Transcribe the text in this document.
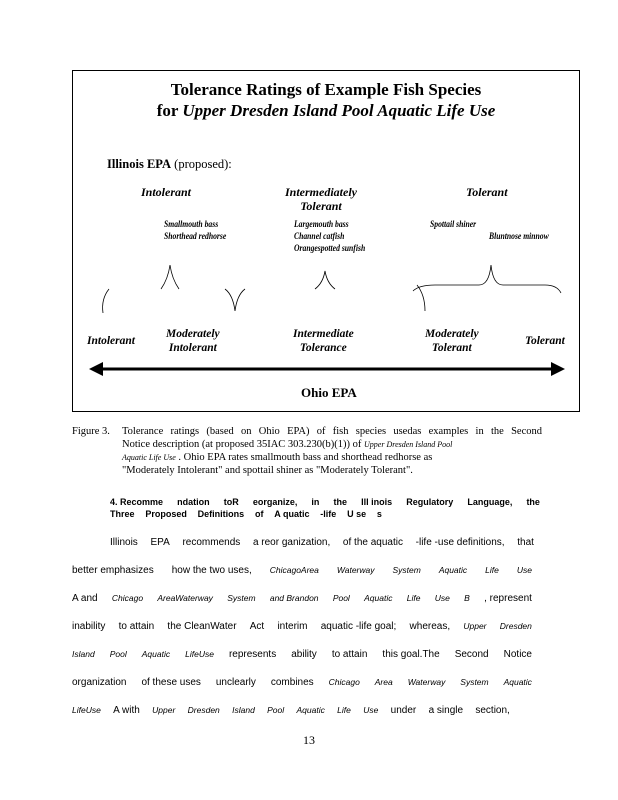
Tolerance Ratings of Example Fish Species
for Upper Dresden Island Pool Aquatic Life Use
Illinois EPA (proposed):
Intolerant	Intermediately
Tolerant
Tolerant
Smallmouth bass
Shorthead redhorse
Largemouth bass
Channel catfish
Orangespotted sunfish
Spottail shiner
Bluntnose minnow
Intolerant
Moderately
Intolerant
Intermediate
Tolerance
Moderately
Tolerant
Tolerant
Ohio EPA
Figure 3.	Tolerance ratings (based on Ohio EPA) of fish species usedas examples in the Second
Notice description (at proposed 35IAC 303.230(b)(1)) of
Upper Dresden Island Pool
Aquatic Life Use
. Ohio EPA rates smallmouth bass and shorthead redhorse as
"Moderately Intolerant" and spottail shiner as "Moderately Tolerant".
4. Recomme ndation toR eorganize, in the Ill inois Regulatory Language, the
Three Proposed Definitions of A quatic -life U se s
Illinois EPA recommends a reor ganization, of the aquatic -life -use definitions, that
better emphasizes how the two uses, ChicagoArea Waterway System Aquatic Life Use
A and Chicago AreaWaterway System and Brandon Pool Aquatic Life Use B , represent
inability to attain the CleanWater Act interim aquatic -life goal; whereas, Upper Dresden
Island Pool Aquatic LifeUse represents ability to attain this goal.The Second Notice
organization of these uses unclearly combines Chicago Area Waterway System Aquatic
LifeUse A with Upper Dresden Island Pool Aquatic Life Use under a single section,
13
